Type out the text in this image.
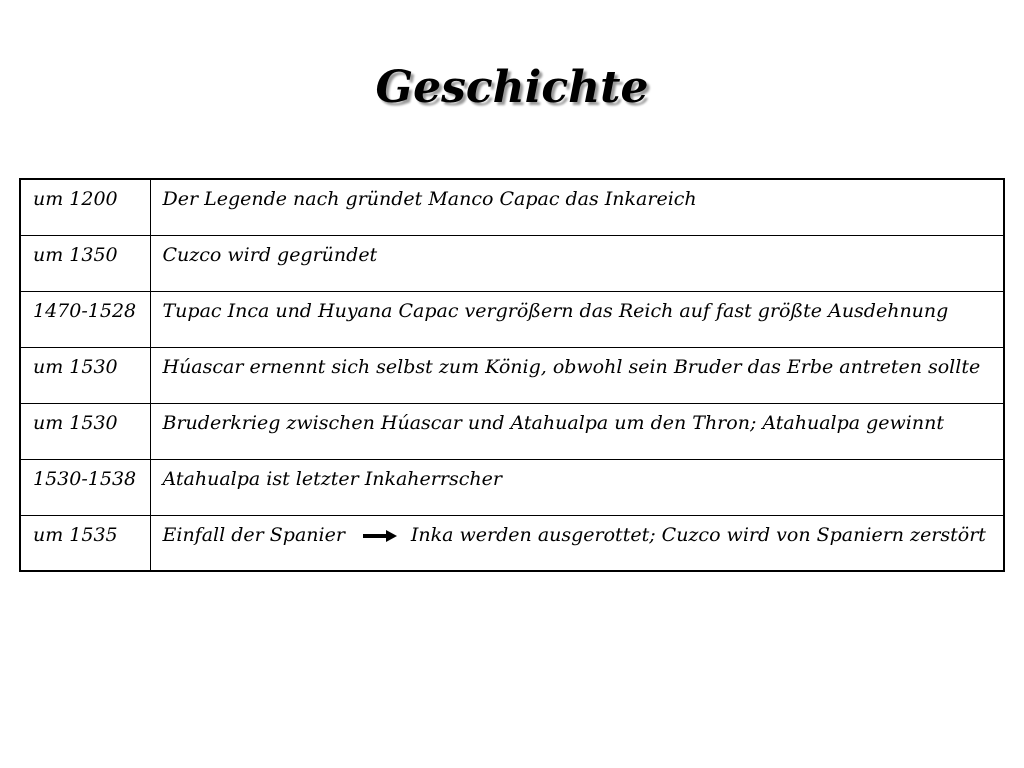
Geschichte
um 1200	Der Legende nach gründet Manco Capac das Inkareich
um 1350	Cuzco wird gegründet
1470-1528	Tupac Inca und Huyana Capac vergrößern das Reich auf fast größte Ausdehnung
um 1530	Húascar ernennt sich selbst zum König, obwohl sein Bruder das Erbe antreten sollte
um 1530	Bruderkrieg zwischen Húascar und Atahualpa um den Thron; Atahualpa gewinnt
1530-1538	Atahualpa ist letzter Inkaherrscher
um 1535	Einfall der Spanier Inka werden ausgerottet; Cuzco wird von Spaniern zerstört
